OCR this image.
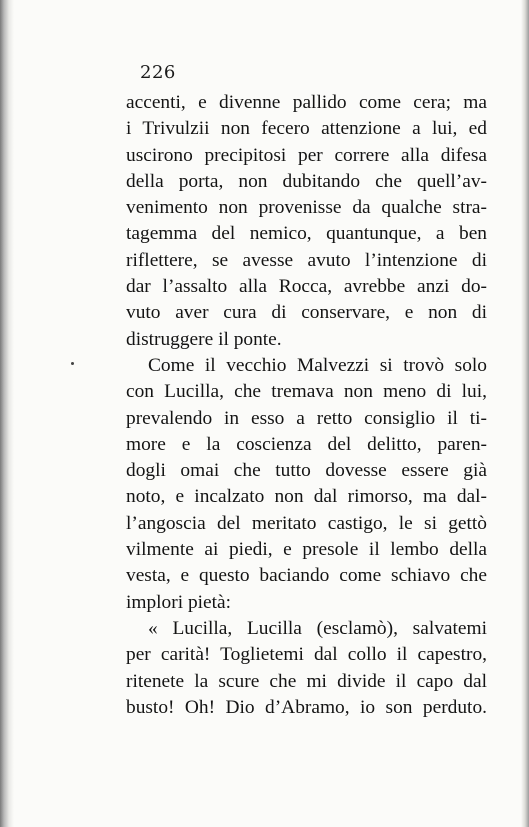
226
accenti, e divenne pallido come cera; ma
i Trivulzii non fecero attenzione a lui, ed
uscirono precipitosi per correre alla difesa
della porta, non dubitando che quell’av-
venimento non provenisse da qualche stra-
tagemma del nemico, quantunque, a ben
riflettere, se avesse avuto l’intenzione di
dar l’assalto alla Rocca, avrebbe anzi do-
vuto aver cura di conservare, e non di
distruggere il ponte.
Come il vecchio Malvezzi si trovò solo
con Lucilla, che tremava non meno di lui,
prevalendo in esso a retto consiglio il ti-
more e la coscienza del delitto, paren-
dogli omai che tutto dovesse essere già
noto, e incalzato non dal rimorso, ma dal-
l’angoscia del meritato castigo, le si gettò
vilmente ai piedi, e presole il lembo della
vesta, e questo baciando come schiavo che
implori pietà:
« Lucilla, Lucilla (esclamò), salvatemi
per carità! Toglietemi dal collo il capestro,
ritenete la scure che mi divide il capo dal
busto! Oh! Dio d’Abramo, io son perduto.
